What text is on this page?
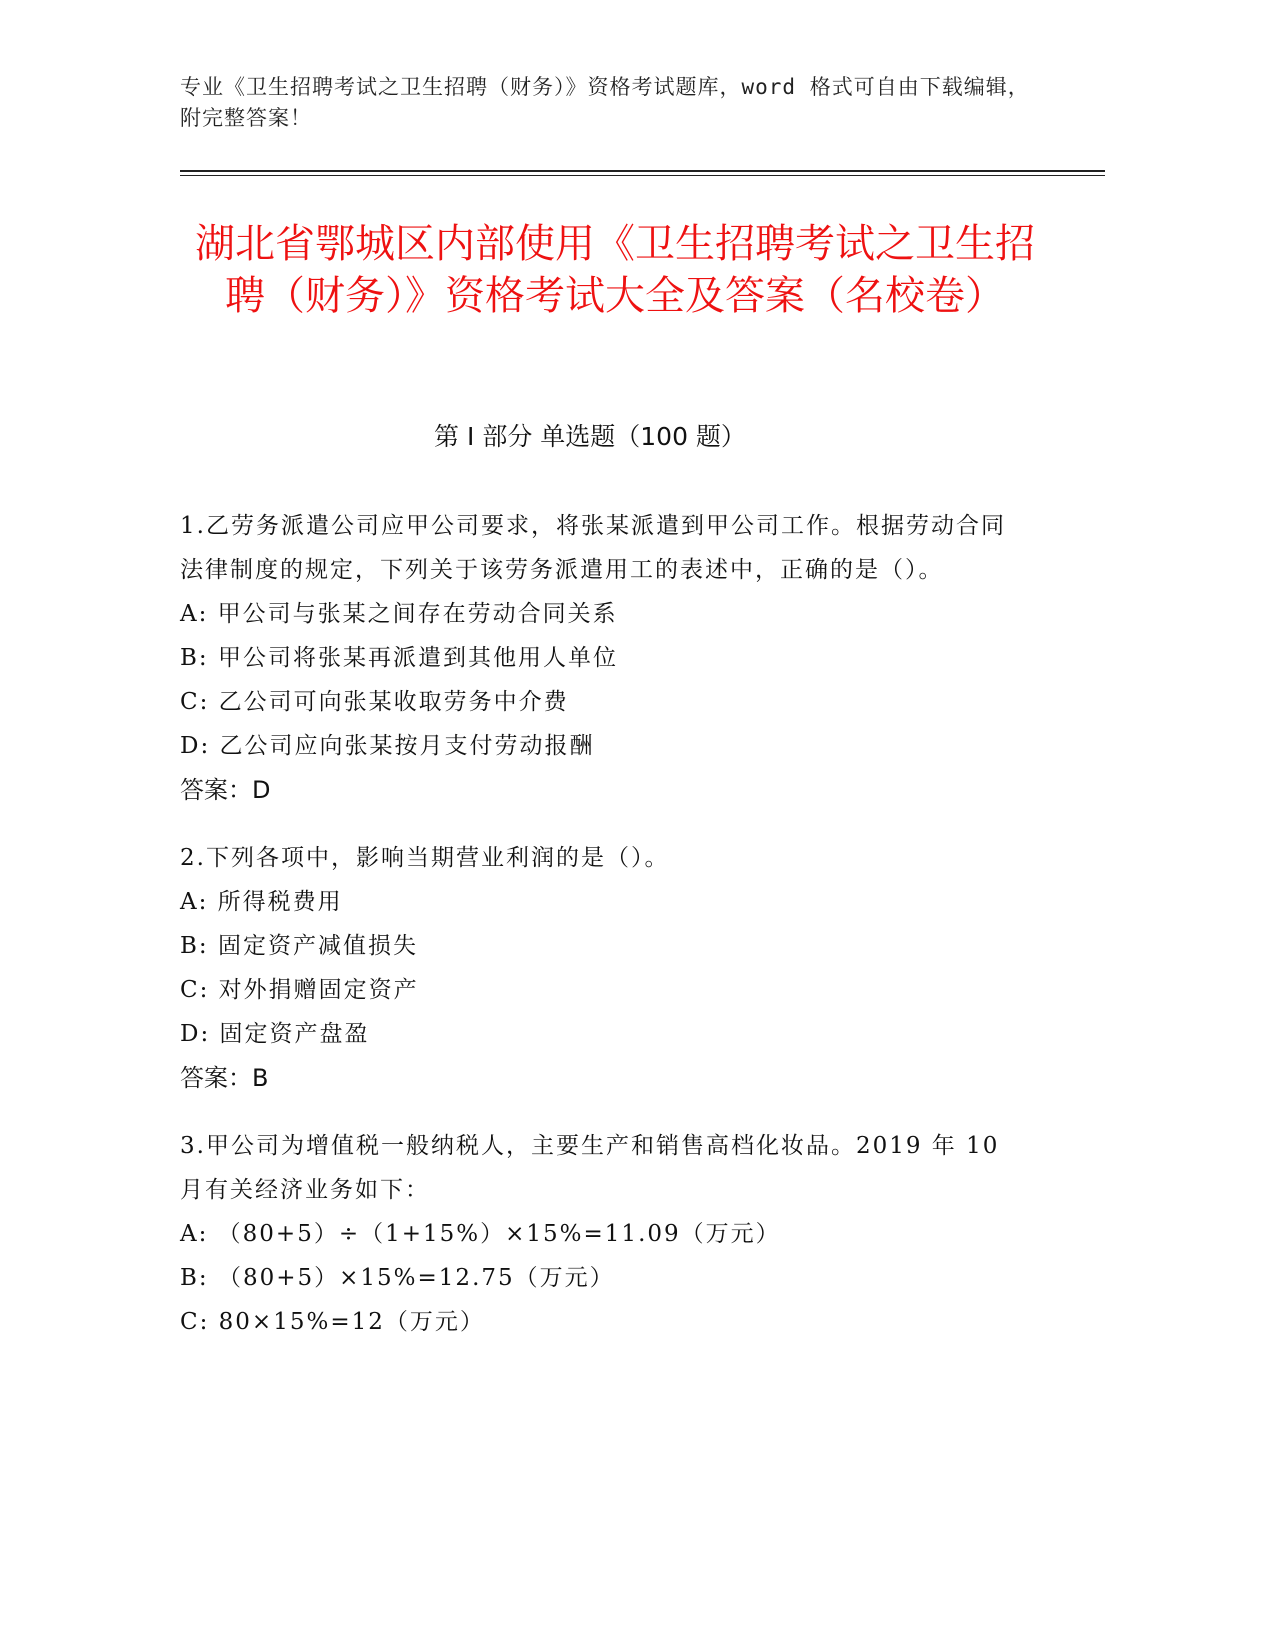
专业《卫生招聘考试之卫生招聘（财务）》资格考试题库，word 格式可自由下载编辑，附完整答案！
湖北省鄂城区内部使用《卫生招聘考试之卫生招聘（财务）》资格考试大全及答案（名校卷）
第 I 部分 单选题（100 题）

1.乙劳务派遣公司应甲公司要求，将张某派遣到甲公司工作。根据劳动合同法律制度的规定，下列关于该劳务派遣用工的表述中，正确的是（）。

A: 甲公司与张某之间存在劳动合同关系

B: 甲公司将张某再派遣到其他用人单位

C: 乙公司可向张某收取劳务中介费

D: 乙公司应向张某按月支付劳动报酬

答案：D

2.下列各项中，影响当期营业利润的是（）。

A: 所得税费用

B: 固定资产减值损失

C: 对外捐赠固定资产

D: 固定资产盘盈

答案：B

3.甲公司为增值税一般纳税人，主要生产和销售高档化妆品。2019 年 10 月有关经济业务如下：

A: （80+5）÷（1+15%）×15%=11.09（万元）

B: （80+5）×15%=12.75（万元）

C: 80×15%=12（万元）
